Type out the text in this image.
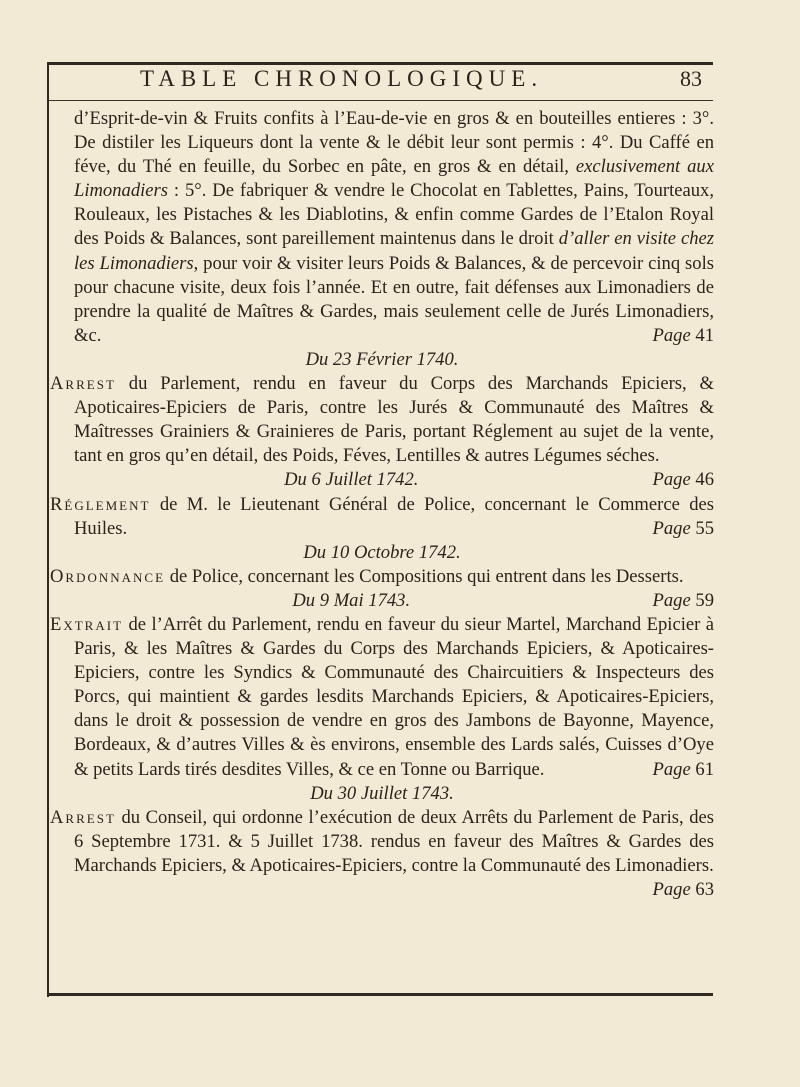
TABLE CHRONOLOGIQUE.	83

d’Esprit-de-vin & Fruits confits à l’Eau-de-vie en gros & en bouteilles entieres : 3°. De distiler les Liqueurs dont la vente & le débit leur sont permis : 4°. Du Caffé en féve, du Thé en feuille, du Sorbec en pâte, en gros & en détail, exclusivement aux Limonadiers : 5°. De fabriquer & vendre le Chocolat en Tablettes, Pains, Tourteaux, Rouleaux, les Pistaches & les Diablotins, & enfin comme Gardes de l’Etalon Royal des Poids & Balances, sont pareillement maintenus dans le droit d’aller en visite chez les Limonadiers, pour voir & visiter leurs Poids & Balances, & de percevoir cinq sols pour chacune visite, deux fois l’année. Et en outre, fait défenses aux Limonadiers de prendre la qualité de Maîtres & Gardes, mais seulement celle de Jurés Limonadiers, &c.	Page 41

Du 23 Février 1740.

Arrest du Parlement, rendu en faveur du Corps des Marchands Epiciers, & Apoticaires-Epiciers de Paris, contre les Jurés & Communauté des Maîtres & Maîtresses Grainiers & Grainieres de Paris, portant Réglement au sujet de la vente, tant en gros qu’en détail, des Poids, Féves, Lentilles & autres Légumes séches.
Page 46

Du 6 Juillet 1742.

Réglement de M. le Lieutenant Général de Police, concernant le Commerce des Huiles.	Page 55

Du 10 Octobre 1742.

Ordonnance de Police, concernant les Compositions qui entrent dans les Desserts.
Page 59

Du 9 Mai 1743.

Extrait de l’Arrêt du Parlement, rendu en faveur du sieur Martel, Marchand Epicier à Paris, & les Maîtres & Gardes du Corps des Marchands Epiciers, & Apoticaires-Epiciers, contre les Syndics & Communauté des Chaircuitiers & Inspecteurs des Porcs, qui maintient & gardes lesdits Marchands Epiciers, & Apoticaires-Epiciers, dans le droit & possession de vendre en gros des Jambons de Bayonne, Mayence, Bordeaux, & d’autres Villes & ès environs, ensemble des Lards salés, Cuisses d’Oye & petits Lards tirés desdites Villes, & ce en Tonne ou Barrique.	Page 61

Du 30 Juillet 1743.

Arrest du Conseil, qui ordonne l’exécution de deux Arrêts du Parlement de Paris, des 6 Septembre 1731. & 5 Juillet 1738. rendus en faveur des Maîtres & Gardes des Marchands Epiciers, & Apoticaires-Epiciers, contre la Communauté des Limonadiers.
Page 63
